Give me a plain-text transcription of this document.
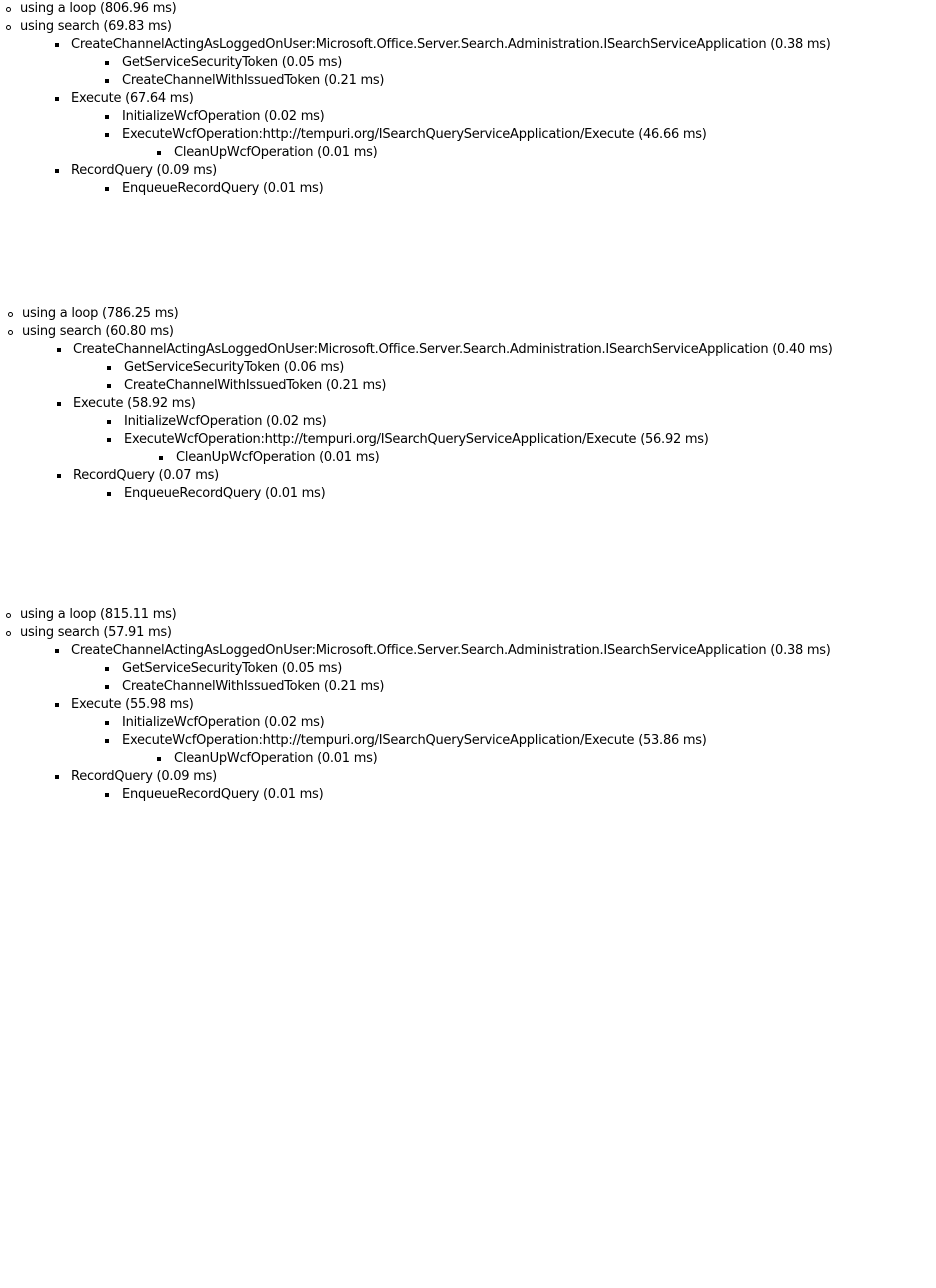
using a loop (806.96 ms)
using search (69.83 ms)
CreateChannelActingAsLoggedOnUser:Microsoft.Office.Server.Search.Administration.ISearchServiceApplication (0.38 ms)
GetServiceSecurityToken (0.05 ms)
CreateChannelWithIssuedToken (0.21 ms)
Execute (67.64 ms)
InitializeWcfOperation (0.02 ms)
ExecuteWcfOperation:http://tempuri.org/ISearchQueryServiceApplication/Execute (46.66 ms)
CleanUpWcfOperation (0.01 ms)
RecordQuery (0.09 ms)
EnqueueRecordQuery (0.01 ms)
using a loop (786.25 ms)
using search (60.80 ms)
CreateChannelActingAsLoggedOnUser:Microsoft.Office.Server.Search.Administration.ISearchServiceApplication (0.40 ms)
GetServiceSecurityToken (0.06 ms)
CreateChannelWithIssuedToken (0.21 ms)
Execute (58.92 ms)
InitializeWcfOperation (0.02 ms)
ExecuteWcfOperation:http://tempuri.org/ISearchQueryServiceApplication/Execute (56.92 ms)
CleanUpWcfOperation (0.01 ms)
RecordQuery (0.07 ms)
EnqueueRecordQuery (0.01 ms)
using a loop (815.11 ms)
using search (57.91 ms)
CreateChannelActingAsLoggedOnUser:Microsoft.Office.Server.Search.Administration.ISearchServiceApplication (0.38 ms)
GetServiceSecurityToken (0.05 ms)
CreateChannelWithIssuedToken (0.21 ms)
Execute (55.98 ms)
InitializeWcfOperation (0.02 ms)
ExecuteWcfOperation:http://tempuri.org/ISearchQueryServiceApplication/Execute (53.86 ms)
CleanUpWcfOperation (0.01 ms)
RecordQuery (0.09 ms)
EnqueueRecordQuery (0.01 ms)
